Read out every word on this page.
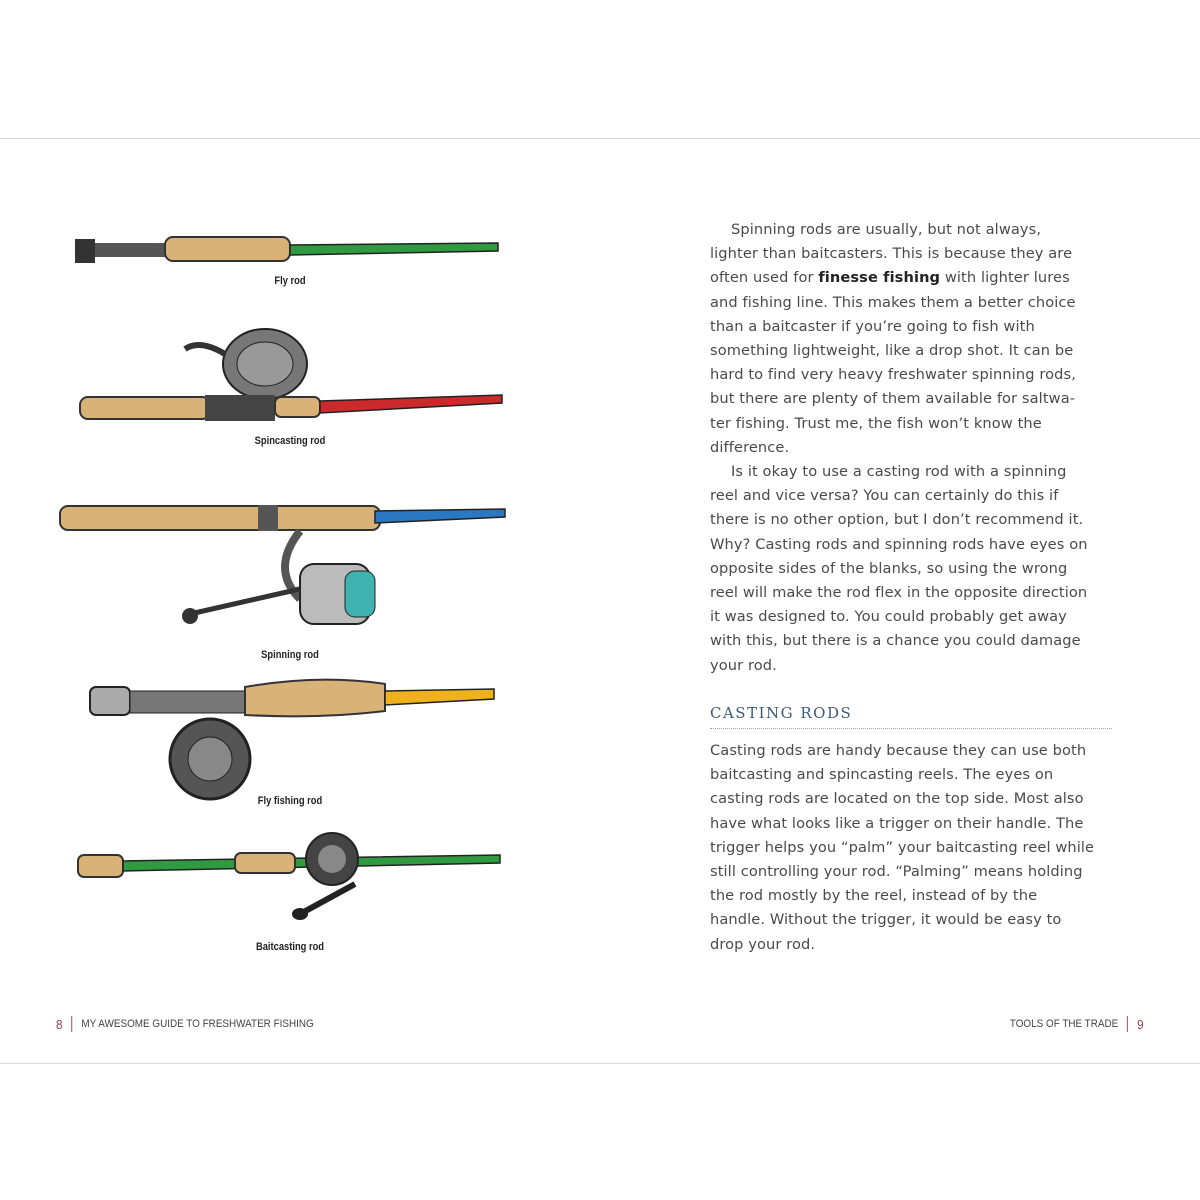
Fly rod
Spincasting rod
Spinning rod
Fly fishing rod
Baitcasting rod
Spinning rods are usually, but not always,
lighter than baitcasters. This is because they are
often used for finesse fishing with lighter lures
and fishing line. This makes them a better choice
than a baitcaster if you’re going to fish with
something lightweight, like a drop shot. It can be
hard to find very heavy freshwater spinning rods,
but there are plenty of them available for saltwa-
ter fishing. Trust me, the fish won’t know the
difference.
Is it okay to use a casting rod with a spinning
reel and vice versa? You can certainly do this if
there is no other option, but I don’t recommend it.
Why? Casting rods and spinning rods have eyes on
opposite sides of the blanks, so using the wrong
reel will make the rod flex in the opposite direction
it was designed to. You could probably get away
with this, but there is a chance you could damage
your rod.
CASTING RODS
Casting rods are handy because they can use both
baitcasting and spincasting reels. The eyes on
casting rods are located on the top side. Most also
have what looks like a trigger on their handle. The
trigger helps you “palm” your baitcasting reel while
still controlling your rod. “Palming” means holding
the rod mostly by the reel, instead of by the
handle. Without the trigger, it would be easy to
drop your rod.
8 MY AWESOME GUIDE TO FRESHWATER FISHING	TOOLS OF THE TRADE 9
